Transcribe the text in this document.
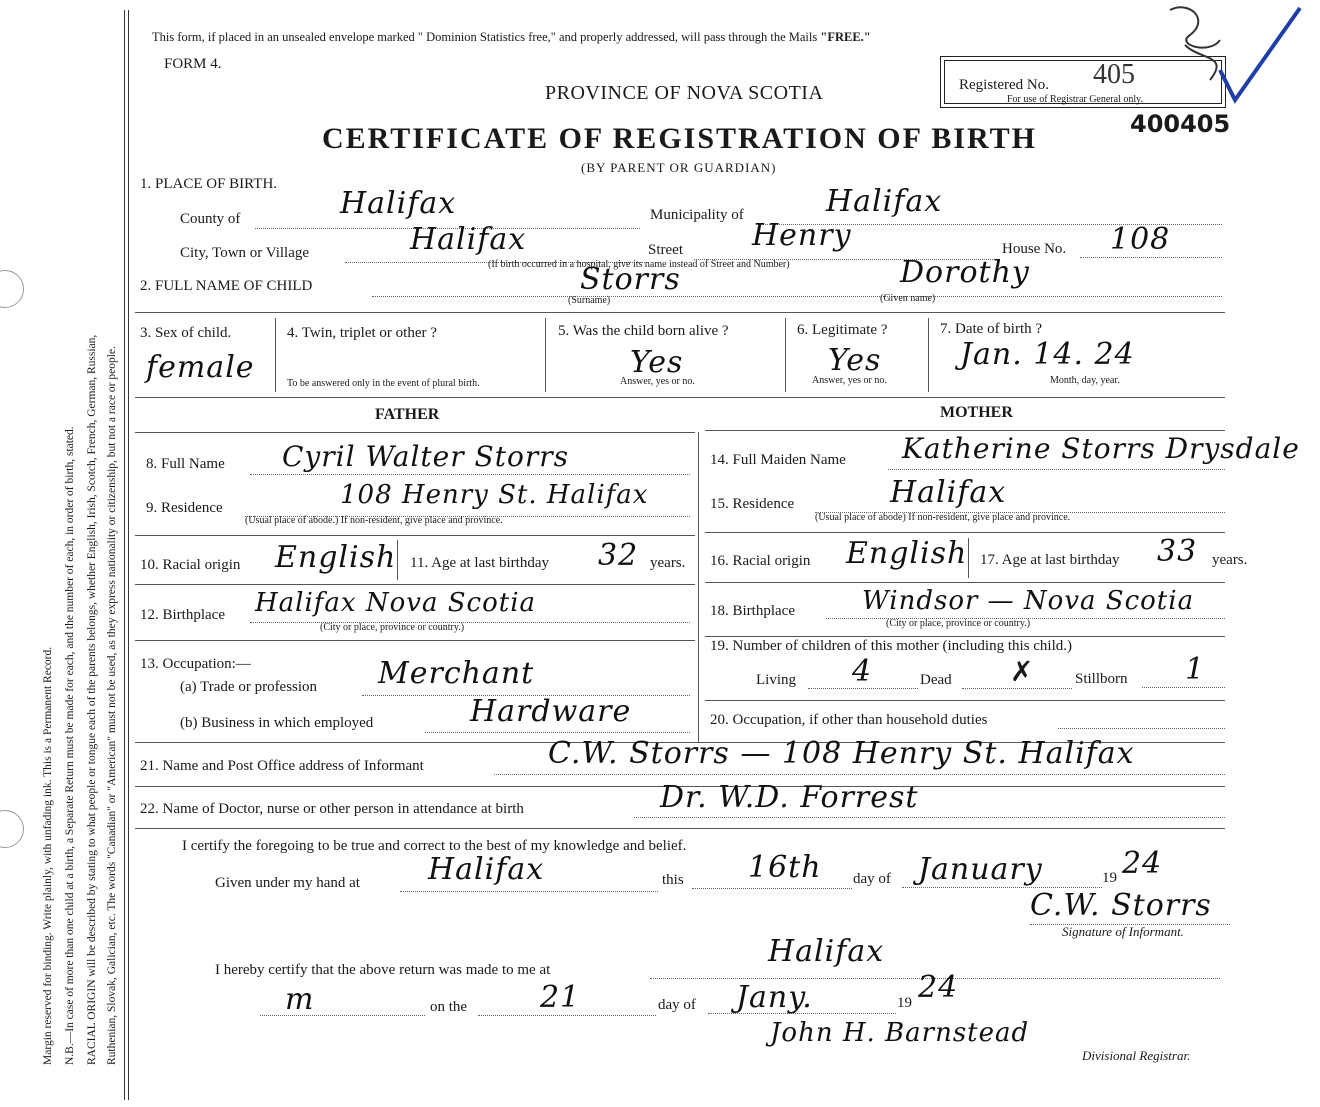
Margin reserved for binding. Write plainly, with unfading ink. This is a Permanent Record. N.B.—In case of more than one child at a birth, a Separate Return must be made for each, and the number of each, in order of birth, stated. RACIAL ORIGIN will be described by stating to what people or tongue each of the parents belongs, whether English, Irish, Scotch, French, German, Russian, Ruthenian, Slovak, Galician, etc. The words "Canadian" or "American" must not be used, as they express nationality or citizenship, but not a race or people.
This form, if placed in an unsealed envelope marked " Dominion Statistics free," and properly addressed, will pass through the Mails "FREE."
FORM 4.
Registered No. 405
For use of Registrar General only.
400405
PROVINCE OF NOVA SCOTIA
CERTIFICATE OF REGISTRATION OF BIRTH
(BY PARENT OR GUARDIAN)
1. PLACE OF BIRTH.
County of	Halifax	Municipality of	Halifax
City, Town or Village	Halifax	Street Henry	House No. 108
(If birth occurred in a hospital, give its name instead of Street and Number)
2. FULL NAME OF CHILD	Storrs
(Surname)
Dorothy
(Given name)
3. Sex of child.
female
4. Twin, triplet or other ?
To be answered only in the event of plural birth.
5. Was the child born alive ?
Yes
Answer, yes or no.
6. Legitimate ?
Yes
Answer, yes or no.
7. Date of birth ?
Jan. 14. 24
Month, day, year.
FATHER	MOTHER
8. Full Name Cyril Walter Storrs
9. Residence	108 Henry St. Halifax
(Usual place of abode.) If non-resident, give place and province.
10. Racial origin English 11. Age at last birthday 32 years.
12. Birthplace Halifax Nova Scotia
(City or place, province or country.)
13. Occupation:—
(a) Trade or profession Merchant
(b) Business in which employed	Hardware
14. Full Maiden Name Katherine Storrs Drysdale
15. Residence	Halifax
(Usual place of abode) If non-resident, give place and province.
16. Racial origin English 17. Age at last birthday 33 years.
18. Birthplace	Windsor — Nova Scotia
(City or place, province or country.)
19. Number of children of this mother (including this child.)
Living 4	Dead ✗	Stillborn 1
20. Occupation, if other than household duties
21. Name and Post Office address of Informant	C.W. Storrs — 108 Henry St. Halifax
22. Name of Doctor, nurse or other person in attendance at birth	Dr. W.D. Forrest
I certify the foregoing to be true and correct to the best of my knowledge and belief.
Given under my hand at Halifax	this 16th day of January	19 24
C.W. Storrs
Signature of Informant.
I hereby certify that the above return was made to me at
Halifax
m	on the 21	day of Jany.	19 24
John H. Barnstead
Divisional Registrar.
